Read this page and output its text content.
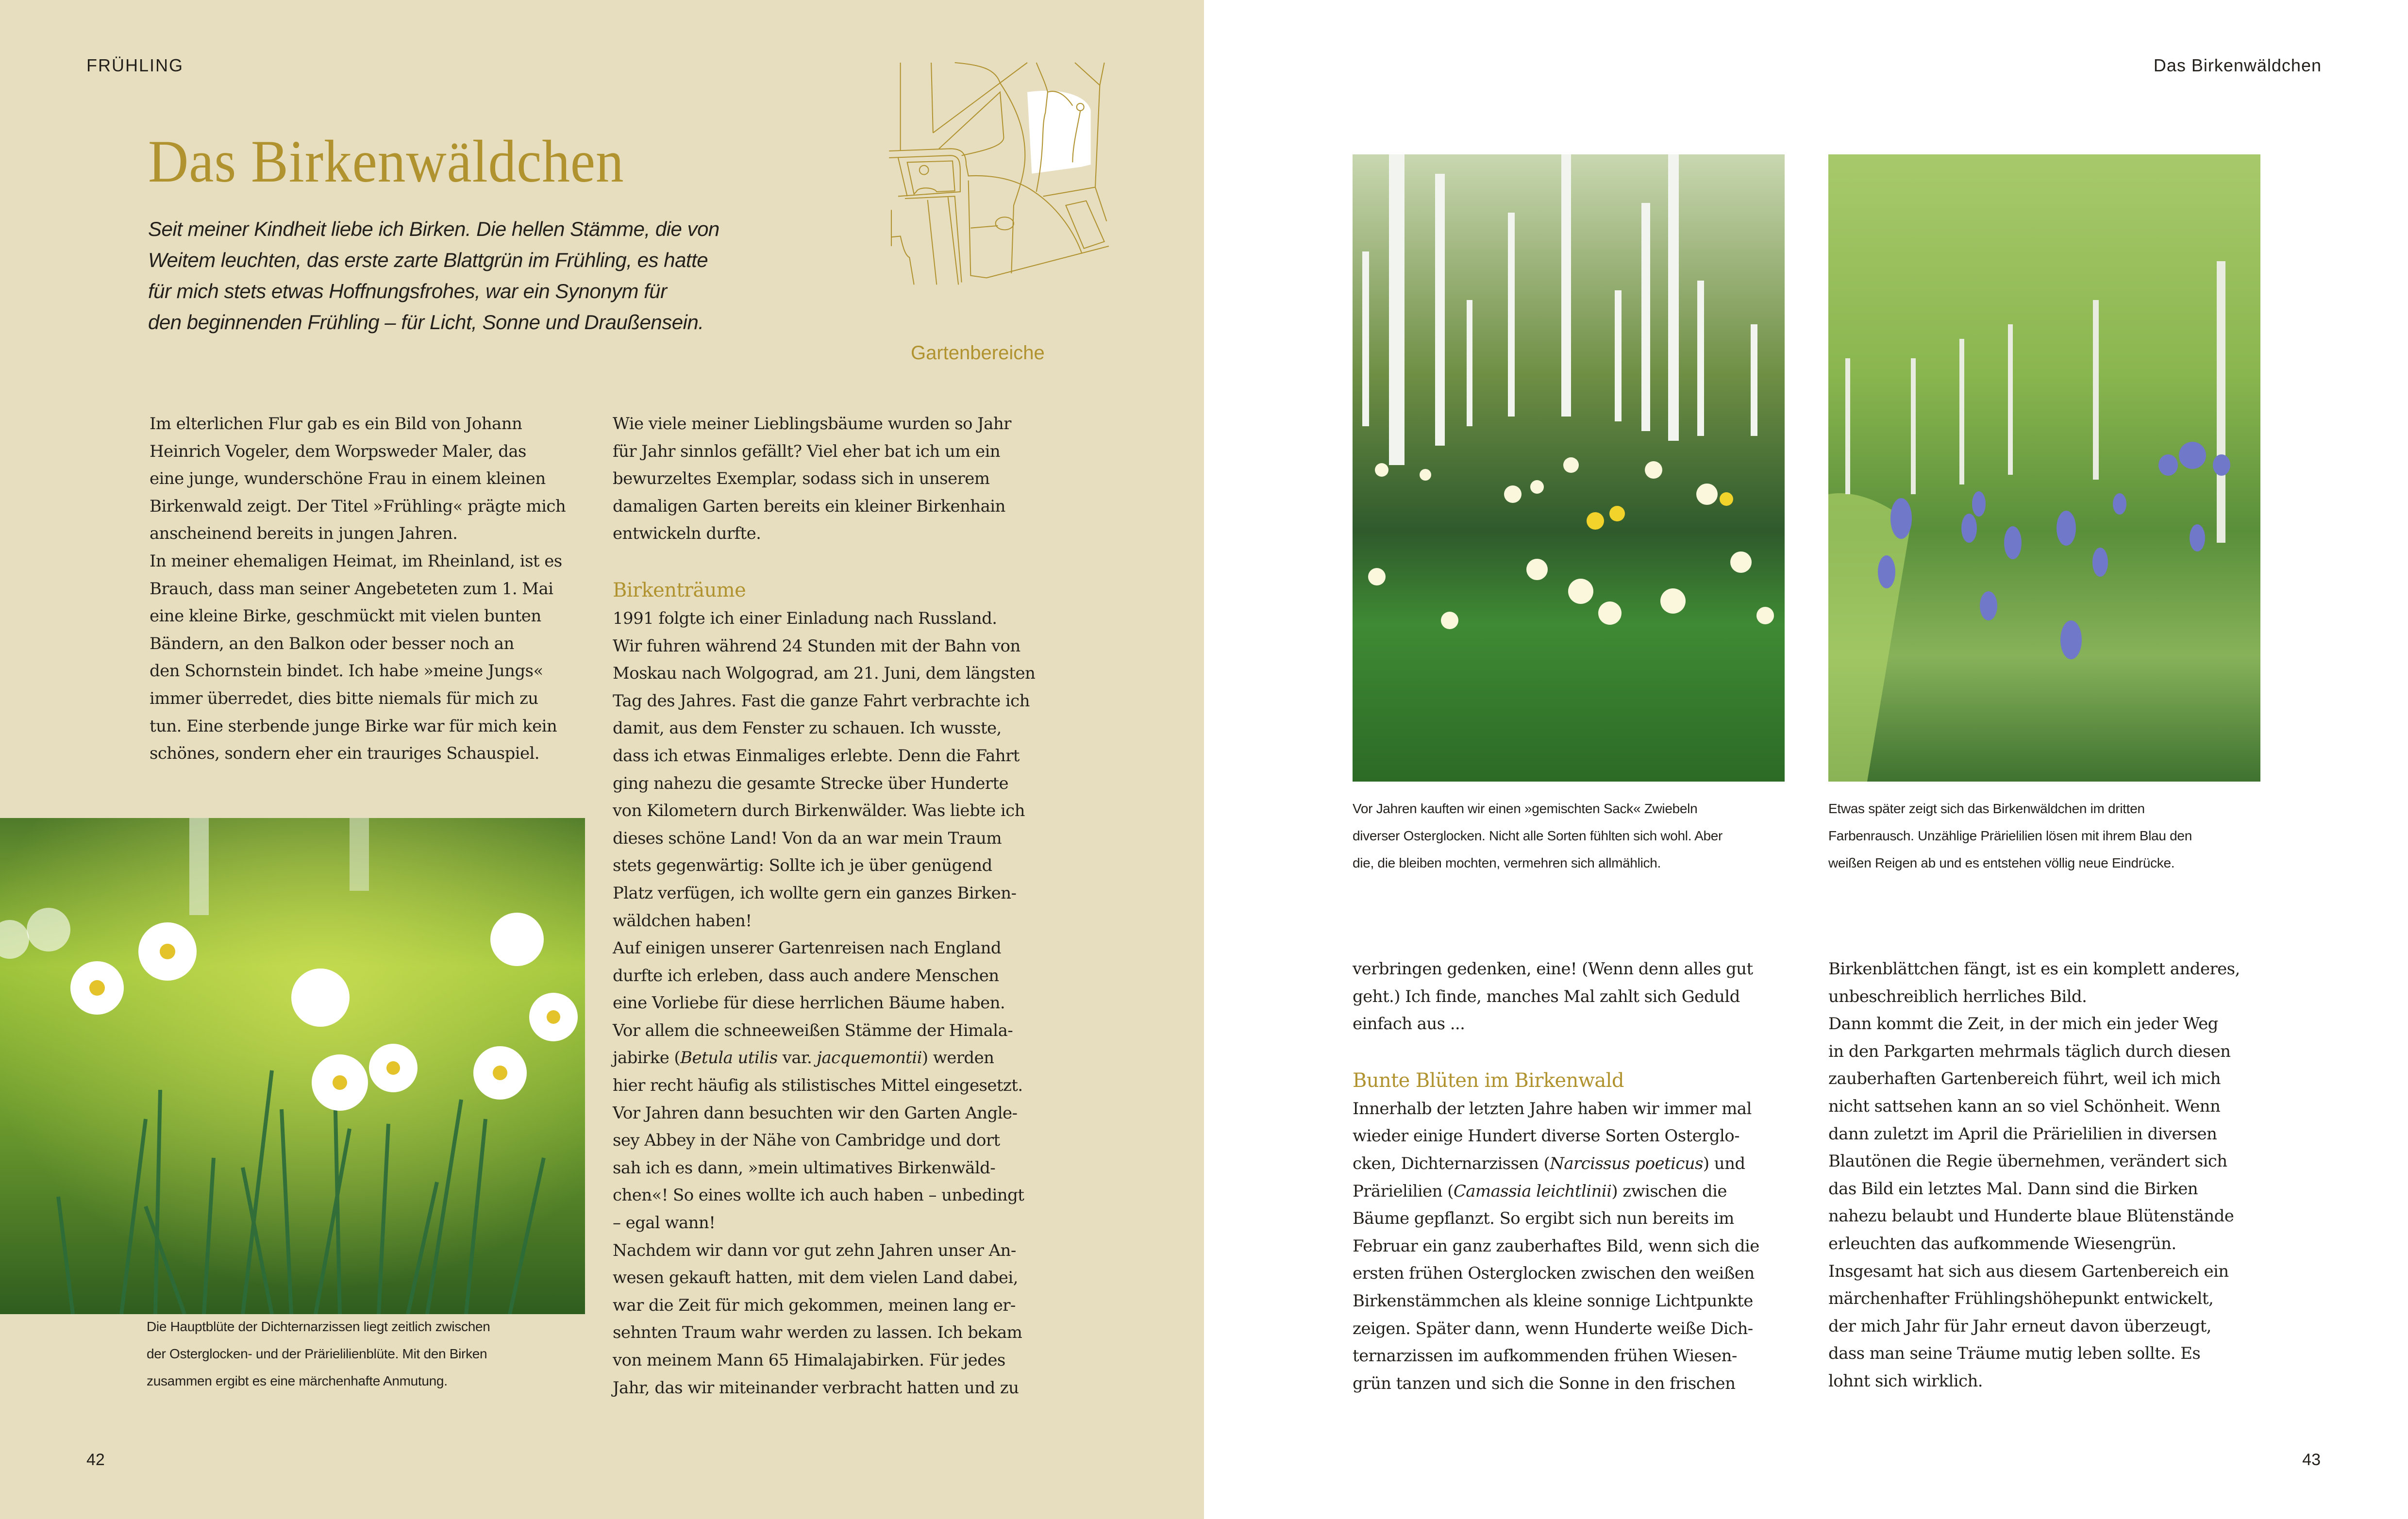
FRÜHLING
Das Birkenwäldchen
Seit meiner Kindheit liebe ich Birken. Die hellen Stämme, die von
Weitem leuchten, das erste zarte Blattgrün im Frühling, es hatte
für mich stets etwas Hoffnungsfrohes, war ein Synonym für
den beginnenden Frühling – für Licht, Sonne und Draußensein.
Gartenbereiche
Im elterlichen Flur gab es ein Bild von Johann
Heinrich Vogeler, dem Worpsweder Maler, das
eine junge, wunderschöne Frau in einem kleinen
Birkenwald zeigt. Der Titel »Frühling« prägte mich
anscheinend bereits in jungen Jahren.
In meiner ehemaligen Heimat, im Rheinland, ist es
Brauch, dass man seiner Angebeteten zum 1. Mai
eine kleine Birke, geschmückt mit vielen bunten
Bändern, an den Balkon oder besser noch an
den Schornstein bindet. Ich habe »meine Jungs«
immer überredet, dies bitte niemals für mich zu
tun. Eine sterbende junge Birke war für mich kein
schönes, sondern eher ein trauriges Schauspiel.
Die Hauptblüte der Dichternarzissen liegt zeitlich zwischen
der Osterglocken- und der Prärielilienblüte. Mit den Birken
zusammen ergibt es eine märchenhafte Anmutung.
Wie viele meiner Lieblingsbäume wurden so Jahr
für Jahr sinnlos gefällt? Viel eher bat ich um ein
bewurzeltes Exemplar, sodass sich in unserem
damaligen Garten bereits ein kleiner Birkenhain
entwickeln durfte.
Birkenträume
1991 folgte ich einer Einladung nach Russland.
Wir fuhren während 24 Stunden mit der Bahn von
Moskau nach Wolgograd, am 21. Juni, dem längsten
Tag des Jahres. Fast die ganze Fahrt verbrachte ich
damit, aus dem Fenster zu schauen. Ich wusste,
dass ich etwas Einmaliges erlebte. Denn die Fahrt
ging nahezu die gesamte Strecke über Hunderte
von Kilometern durch Birkenwälder. Was liebte ich
dieses schöne Land! Von da an war mein Traum
stets gegenwärtig: Sollte ich je über genügend
Platz verfügen, ich wollte gern ein ganzes Birken-
wäldchen haben!
Auf einigen unserer Gartenreisen nach England
durfte ich erleben, dass auch andere Menschen
eine Vorliebe für diese herrlichen Bäume haben.
Vor allem die schneeweißen Stämme der Himala-
jabirke (Betula utilis var. jacquemontii) werden
hier recht häufig als stilistisches Mittel eingesetzt.
Vor Jahren dann besuchten wir den Garten Angle-
sey Abbey in der Nähe von Cambridge und dort
sah ich es dann, »mein ultimatives Birkenwäld-
chen«! So eines wollte ich auch haben – unbedingt
– egal wann!
Nachdem wir dann vor gut zehn Jahren unser An-
wesen gekauft hatten, mit dem vielen Land dabei,
war die Zeit für mich gekommen, meinen lang er-
sehnten Traum wahr werden zu lassen. Ich bekam
von meinem Mann 65 Himalajabirken. Für jedes
Jahr, das wir miteinander verbracht hatten und zu
42
Das Birkenwäldchen
Vor Jahren kauften wir einen »gemischten Sack« Zwiebeln
diverser Osterglocken. Nicht alle Sorten fühlten sich wohl. Aber
die, die bleiben mochten, vermehren sich allmählich.
Etwas später zeigt sich das Birkenwäldchen im dritten
Farbenrausch. Unzählige Prärielilien lösen mit ihrem Blau den
weißen Reigen ab und es entstehen völlig neue Eindrücke.
verbringen gedenken, eine! (Wenn denn alles gut
geht.) Ich finde, manches Mal zahlt sich Geduld
einfach aus ...
Bunte Blüten im Birkenwald
Innerhalb der letzten Jahre haben wir immer mal
wieder einige Hundert diverse Sorten Osterglo-
cken, Dichternarzissen (Narcissus poeticus) und
Prärielilien (Camassia leichtlinii) zwischen die
Bäume gepflanzt. So ergibt sich nun bereits im
Februar ein ganz zauberhaftes Bild, wenn sich die
ersten frühen Osterglocken zwischen den weißen
Birkenstämmchen als kleine sonnige Lichtpunkte
zeigen. Später dann, wenn Hunderte weiße Dich-
ternarzissen im aufkommenden frühen Wiesen-
grün tanzen und sich die Sonne in den frischen
Birkenblättchen fängt, ist es ein komplett anderes,
unbeschreiblich herrliches Bild.
Dann kommt die Zeit, in der mich ein jeder Weg
in den Parkgarten mehrmals täglich durch diesen
zauberhaften Gartenbereich führt, weil ich mich
nicht sattsehen kann an so viel Schönheit. Wenn
dann zuletzt im April die Prärielilien in diversen
Blautönen die Regie übernehmen, verändert sich
das Bild ein letztes Mal. Dann sind die Birken
nahezu belaubt und Hunderte blaue Blütenstände
erleuchten das aufkommende Wiesengrün.
Insgesamt hat sich aus diesem Gartenbereich ein
märchenhafter Frühlingshöhepunkt entwickelt,
der mich Jahr für Jahr erneut davon überzeugt,
dass man seine Träume mutig leben sollte. Es
lohnt sich wirklich.
43
